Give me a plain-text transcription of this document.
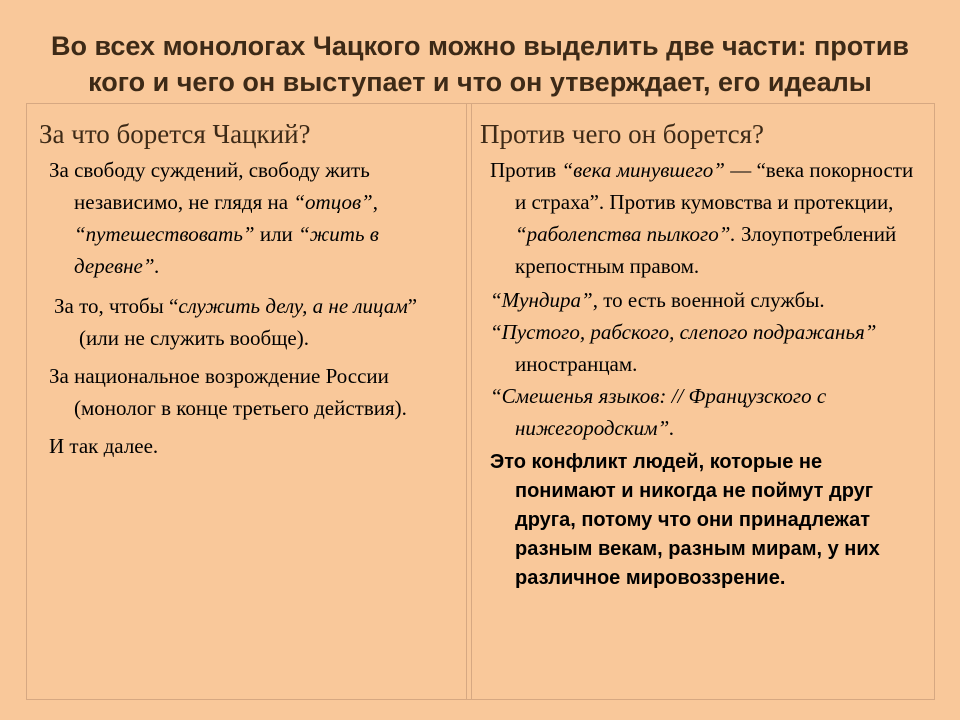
Во всех монологах Чацкого можно выделить две части: против
кого и чего он выступает и что он утверждает, его идеалы
За что борется Чацкий?
За свободу суждений, свободу жить независимо, не глядя на “отцов”, “путешествовать” или “жить в деревне”.
За то, чтобы “служить делу, а не лицам” (или не служить вообще).
За национальное возрождение России (монолог в конце третьего действия).
И так далее.
Против чего он борется?
Против “века минувшего” — “века покорности и страха”. Против кумовства и протекции, “раболепства пылкого”. Злоупотреблений крепостным правом.
“Мундира”, то есть военной службы.
“Пустого, рабского, слепого подражанья” иностранцам.
“Смешенья языков: // Французского с нижегородским”.
Это конфликт людей, которые не понимают и никогда не поймут друг друга, потому что они принадлежат разным векам, разным мирам, у них различное мировоззрение.
